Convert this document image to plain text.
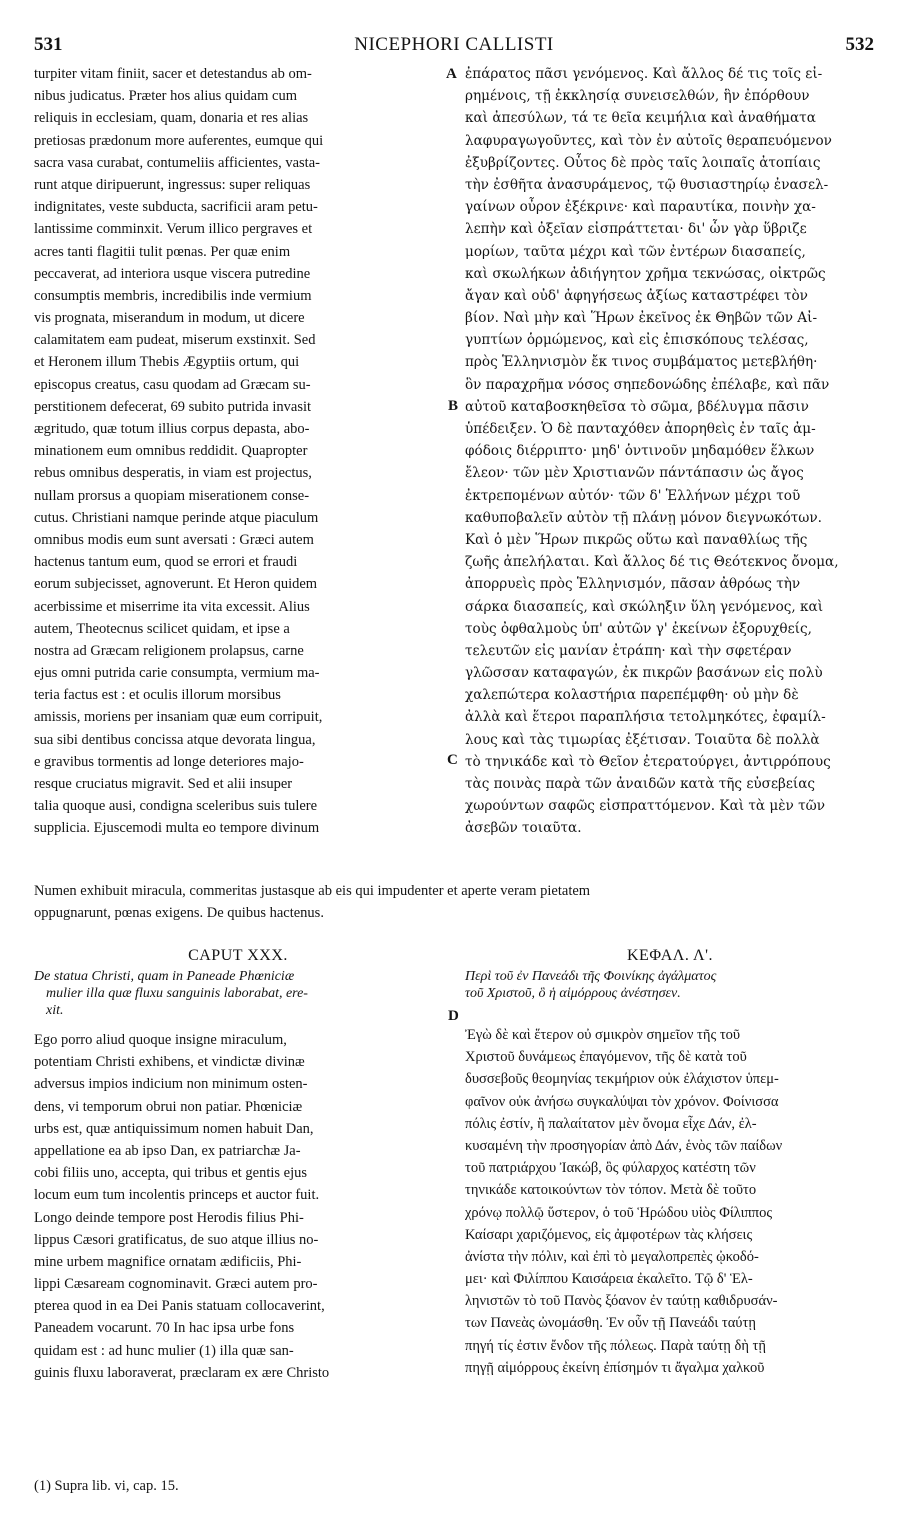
531	NICEPHORI CALLISTI	532
A
B
C
D
turpiter vitam finiit, sacer et detestandus ab om-
nibus judicatus. Præter hos alius quidam cum
reliquis in ecclesiam, quam, donaria et res alias
pretiosas prædonum more auferentes, eumque qui
sacra vasa curabat, contumeliis afficientes, vasta-
runt atque diripuerunt, ingressus: super reliquas
indignitates, veste subducta, sacrificii aram petu-
lantissime comminxit. Verum illico pergraves et
acres tanti flagitii tulit pœnas. Per quæ enim
peccaverat, ad interiora usque viscera putredine
consumptis membris, incredibilis inde vermium
vis prognata, miserandum in modum, ut dicere
calamitatem eam pudeat, miserum exstinxit. Sed
et Heronem illum Thebis Ægyptiis ortum, qui
episcopus creatus, casu quodam ad Græcam su-
perstitionem defecerat, 69 subito putrida invasit
ægritudo, quæ totum illius corpus depasta, abo-
minationem eum omnibus reddidit. Quapropter
rebus omnibus desperatis, in viam est projectus,
nullam prorsus a quopiam miserationem conse-
cutus. Christiani namque perinde atque piaculum
omnibus modis eum sunt aversati : Græci autem
hactenus tantum eum, quod se errori et fraudi
eorum subjecisset, agnoverunt. Et Heron quidem
acerbissime et miserrime ita vita excessit. Alius
autem, Theotecnus scilicet quidam, et ipse a
nostra ad Græcam religionem prolapsus, carne
ejus omni putrida carie consumpta, vermium ma-
teria factus est : et oculis illorum morsibus
amissis, moriens per insaniam quæ eum corripuit,
sua sibi dentibus concissa atque devorata lingua,
e gravibus tormentis ad longe deteriores majo-
resque cruciatus migravit. Sed et alii insuper
talia quoque ausi, condigna sceleribus suis tulere
supplicia. Ejuscemodi multa eo tempore divinum
ἐπάρατος πᾶσι γενόμενος. Καὶ ἄλλος δέ τις τοῖς εἰ-
ρημένοις, τῇ ἐκκλησίᾳ συνεισελθών, ἣν ἐπόρθουν
καὶ ἀπεσύλων, τά τε θεῖα κειμήλια καὶ ἀναθήματα
λαφυραγωγοῦντες, καὶ τὸν ἐν αὐτοῖς θεραπευόμενον
ἐξυβρίζοντες. Οὗτος δὲ πρὸς ταῖς λοιπαῖς ἀτοπίαις
τὴν ἐσθῆτα ἀνασυράμενος, τῷ θυσιαστηρίῳ ἐνασελ-
γαίνων οὖρον ἐξέκρινε· καὶ παραυτίκα, ποινὴν χα-
λεπὴν καὶ ὀξεῖαν εἰσπράττεται· δι' ὧν γὰρ ὕβριζε
μορίων, ταῦτα μέχρι καὶ τῶν ἐντέρων διασαπείς,
καὶ σκωλήκων ἀδιήγητον χρῆμα τεκνώσας, οἰκτρῶς
ἄγαν καὶ οὐδ' ἀφηγήσεως ἀξίως καταστρέφει τὸν
βίον. Ναὶ μὴν καὶ Ἥρων ἐκεῖνος ἐκ Θηβῶν τῶν Αἰ-
γυπτίων ὁρμώμενος, καὶ εἰς ἐπισκόπους τελέσας,
πρὸς Ἑλληνισμὸν ἔκ τινος συμβάματος μετεβλήθη·
ὃν παραχρῆμα νόσος σηπεδονώδης ἐπέλαβε, καὶ πᾶν
αὐτοῦ καταβοσκηθεῖσα τὸ σῶμα, βδέλυγμα πᾶσιν
ὑπέδειξεν. Ὁ δὲ πανταχόθεν ἀπορηθεὶς ἐν ταῖς ἀμ-
φόδοις διέρριπτο· μηδ' ὁντινοῦν μηδαμόθεν ἕλκων
ἔλεον· τῶν μὲν Χριστιανῶν πάντάπασιν ὡς ἄγος
ἐκτρεπομένων αὐτόν· τῶν δ' Ἑλλήνων μέχρι τοῦ
καθυποβαλεῖν αὐτὸν τῇ πλάνῃ μόνον διεγνωκότων.
Καὶ ὁ μὲν Ἥρων πικρῶς οὕτω καὶ παναθλίως τῆς
ζωῆς ἀπελήλαται. Καὶ ἄλλος δέ τις Θεότεκνος ὄνομα,
ἀπορρυεὶς πρὸς Ἑλληνισμόν, πᾶσαν ἀθρόως τὴν
σάρκα διασαπείς, καὶ σκώληξιν ὕλη γενόμενος, καὶ
τοὺς ὀφθαλμοὺς ὑπ' αὐτῶν γ' ἐκείνων ἐξορυχθείς,
τελευτῶν εἰς μανίαν ἐτράπη· καὶ τὴν σφετέραν
γλῶσσαν καταφαγών, ἐκ πικρῶν βασάνων εἰς πολὺ
χαλεπώτερα κολαστήρια παρεπέμφθη· οὐ μὴν δὲ
ἀλλὰ καὶ ἕτεροι παραπλήσια τετολμηκότες, ἐφαμίλ-
λους καὶ τὰς τιμωρίας ἐξέτισαν. Τοιαῦτα δὲ πολλὰ
τὸ τηνικάδε καὶ τὸ Θεῖον ἐτερατούργει, ἀντιρρόπους
τὰς ποινὰς παρὰ τῶν ἀναιδῶν κατὰ τῆς εὐσεβείας
χωρούντων σαφῶς εἰσπραττόμενον. Καὶ τὰ μὲν τῶν
ἀσεβῶν τοιαῦτα.
Numen exhibuit miracula, commeritas justasque ab eis qui impudenter et aperte veram pietatem
oppugnarunt, pœnas exigens. De quibus hactenus.
CAPUT XXX.
De statua Christi, quam in Paneade Phœniciæ
mulier illa quæ fluxu sanguinis laborabat, ere-
xit.
Ego porro aliud quoque insigne miraculum,
potentiam Christi exhibens, et vindictæ divinæ
adversus impios indicium non minimum osten-
dens, vi temporum obrui non patiar. Phœniciæ
urbs est, quæ antiquissimum nomen habuit Dan,
appellatione ea ab ipso Dan, ex patriarchæ Ja-
cobi filiis uno, accepta, qui tribus et gentis ejus
locum eum tum incolentis princeps et auctor fuit.
Longo deinde tempore post Herodis filius Phi-
lippus Cæsori gratificatus, de suo atque illius no-
mine urbem magnifice ornatam ædificiis, Phi-
lippi Cæsaream cognominavit. Græci autem pro-
pterea quod in ea Dei Panis statuam collocaverint,
Paneadem vocarunt. 70 In hac ipsa urbe fons
quidam est : ad hunc mulier (1) illa quæ san-
guinis fluxu laboraverat, præclaram ex ære Christo
ΚΕΦΑΛ. Λ'.
Περὶ τοῦ ἐν Πανεάδι τῆς Φοινίκης ἀγάλματος
τοῦ Χριστοῦ, ὃ ἡ αἱμόρρους ἀνέστησεν.
Ἐγὼ δὲ καὶ ἕτερον οὐ σμικρὸν σημεῖον τῆς τοῦ
Χριστοῦ δυνάμεως ἐπαγόμενον, τῆς δὲ κατὰ τοῦ
δυσσεβοῦς θεομηνίας τεκμήριον οὐκ ἐλάχιστον ὑπεμ-
φαῖνον οὐκ ἀνήσω συγκαλύψαι τὸν χρόνον. Φοίνισσα
πόλις ἐστίν, ἣ παλαίτατον μὲν ὄνομα εἶχε Δάν, ἐλ-
κυσαμένη τὴν προσηγορίαν ἀπὸ Δάν, ἑνὸς τῶν παίδων
τοῦ πατριάρχου Ἰακώβ, ὃς φύλαρχος κατέστη τῶν
τηνικάδε κατοικούντων τὸν τόπον. Μετὰ δὲ τοῦτο
χρόνῳ πολλῷ ὕστερον, ὁ τοῦ Ἡρώδου υἱὸς Φίλιππος
Καίσαρι χαριζόμενος, εἰς ἀμφοτέρων τὰς κλήσεις
ἀνίστα τὴν πόλιν, καὶ ἐπὶ τὸ μεγαλοπρεπὲς ᾠκοδό-
μει· καὶ Φιλίππου Καισάρεια ἐκαλεῖτο. Τῷ δ' Ἑλ-
ληνιστῶν τὸ τοῦ Πανὸς ξόανον ἐν ταύτῃ καθιδρυσάν-
των Πανεὰς ὠνομάσθη. Ἐν οὖν τῇ Πανεάδι ταύτῃ
πηγή τίς ἐστιν ἔνδον τῆς πόλεως. Παρὰ ταύτῃ δὴ τῇ
πηγῇ αἱμόρρους ἐκείνη ἐπίσημόν τι ἄγαλμα χαλκοῦ
(1) Supra lib. vi, cap. 15.
